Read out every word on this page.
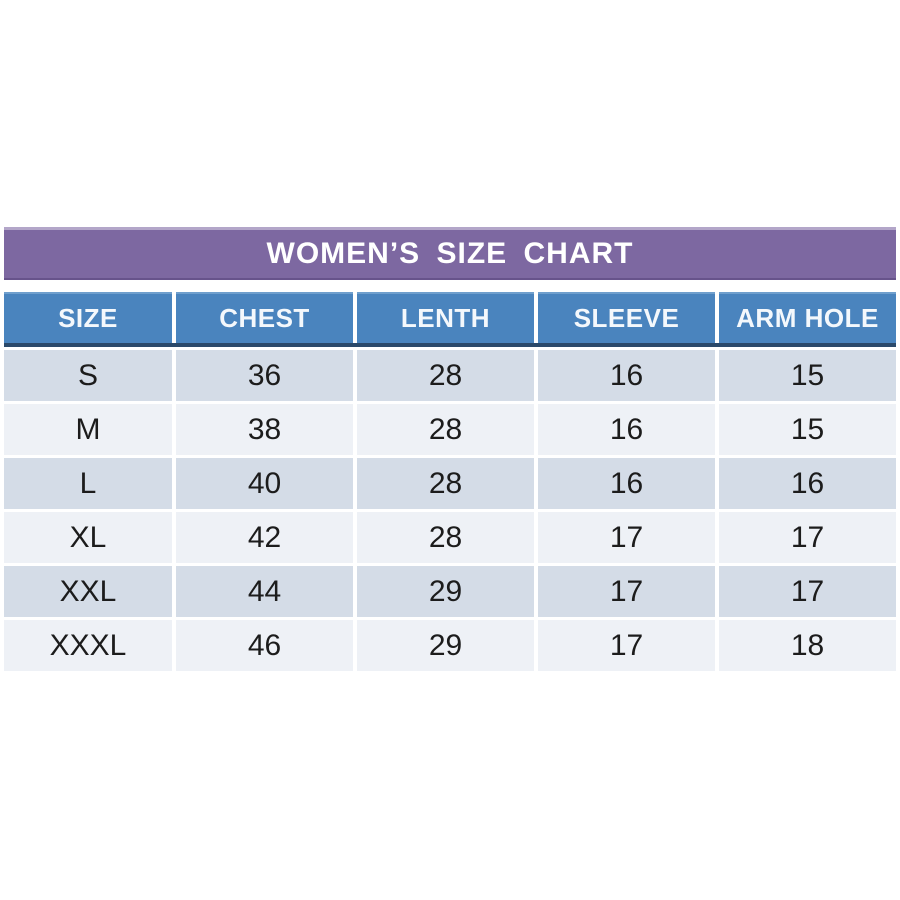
WOMEN’S SIZE CHART
SIZE	CHEST	LENTH	SLEEVE	ARM HOLE
S	36	28	16	15
M	38	28	16	15
L	40	28	16	16
XL	42	28	17	17
XXL	44	29	17	17
XXXL	46	29	17	18
